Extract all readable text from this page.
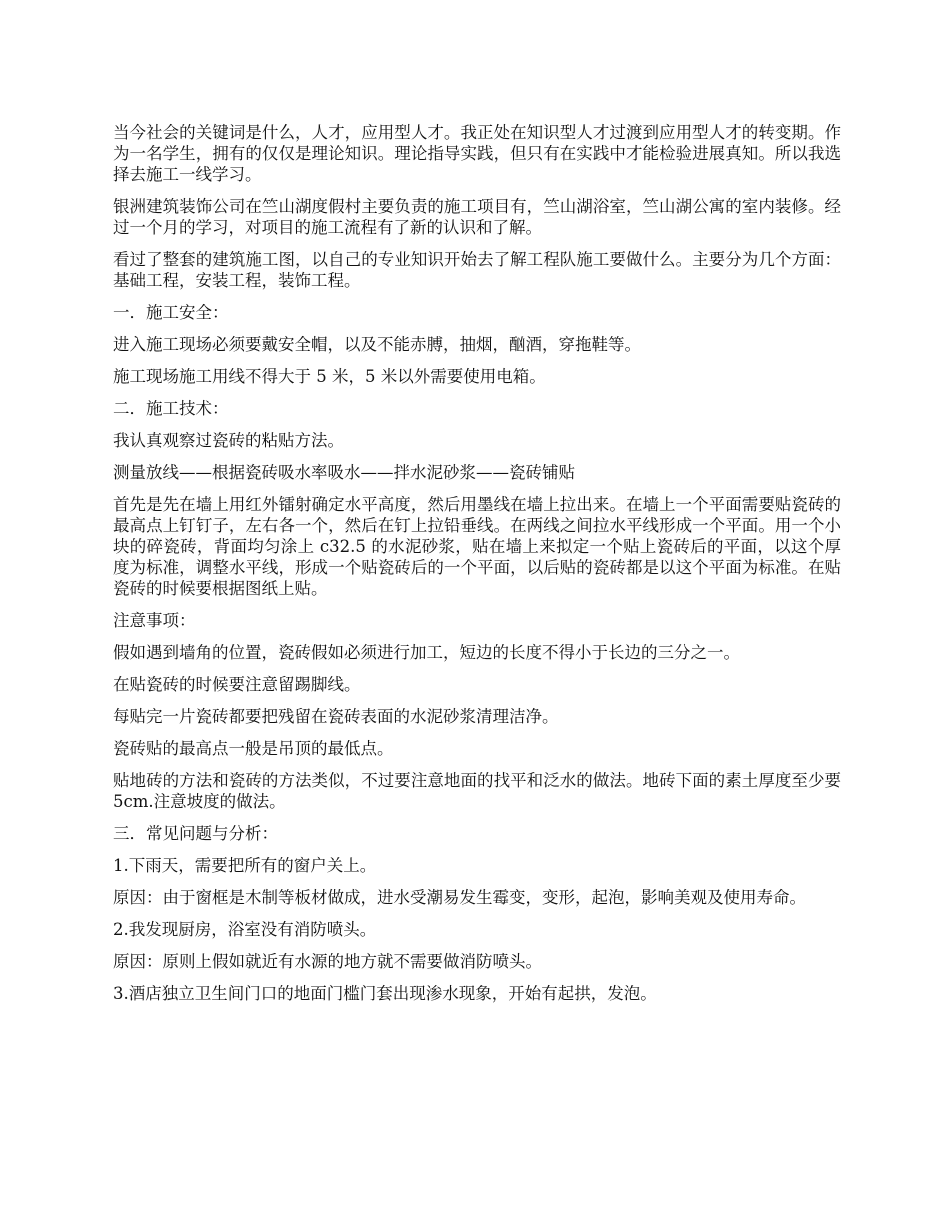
当今社会的关键词是什么，人才，应用型人才。我正处在知识型人才过渡到应用型人才的转变期。作为一名学生，拥有的仅仅是理论知识。理论指导实践，但只有在实践中才能检验进展真知。所以我选择去施工一线学习。

银洲建筑装饰公司在竺山湖度假村主要负责的施工项目有，竺山湖浴室，竺山湖公寓的室内装修。经过一个月的学习，对项目的施工流程有了新的认识和了解。

看过了整套的建筑施工图，以自己的专业知识开始去了解工程队施工要做什么。主要分为几个方面：基础工程，安装工程，装饰工程。

一．施工安全：

进入施工现场必须要戴安全帽，以及不能赤膊，抽烟，酗酒，穿拖鞋等。

施工现场施工用线不得大于 5 米，5 米以外需要使用电箱。

二．施工技术：

我认真观察过瓷砖的粘贴方法。

测量放线——根据瓷砖吸水率吸水——拌水泥砂浆——瓷砖铺贴

首先是先在墙上用红外镭射确定水平高度，然后用墨线在墙上拉出来。在墙上一个平面需要贴瓷砖的最高点上钉钉子，左右各一个，然后在钉上拉铅垂线。在两线之间拉水平线形成一个平面。用一个小块的碎瓷砖，背面均匀涂上 c32.5 的水泥砂浆，贴在墙上来拟定一个贴上瓷砖后的平面，以这个厚度为标准，调整水平线，形成一个贴瓷砖后的一个平面，以后贴的瓷砖都是以这个平面为标准。在贴瓷砖的时候要根据图纸上贴。

注意事项：

假如遇到墙角的位置，瓷砖假如必须进行加工，短边的长度不得小于长边的三分之一。

在贴瓷砖的时候要注意留踢脚线。

每贴完一片瓷砖都要把残留在瓷砖表面的水泥砂浆清理洁净。

瓷砖贴的最高点一般是吊顶的最低点。

贴地砖的方法和瓷砖的方法类似，不过要注意地面的找平和泛水的做法。地砖下面的素土厚度至少要 5cm.注意坡度的做法。

三．常见问题与分析：

1.下雨天，需要把所有的窗户关上。

原因：由于窗框是木制等板材做成，进水受潮易发生霉变，变形，起泡，影响美观及使用寿命。

2.我发现厨房，浴室没有消防喷头。

原因：原则上假如就近有水源的地方就不需要做消防喷头。

3.酒店独立卫生间门口的地面门槛门套出现渗水现象，开始有起拱，发泡。
